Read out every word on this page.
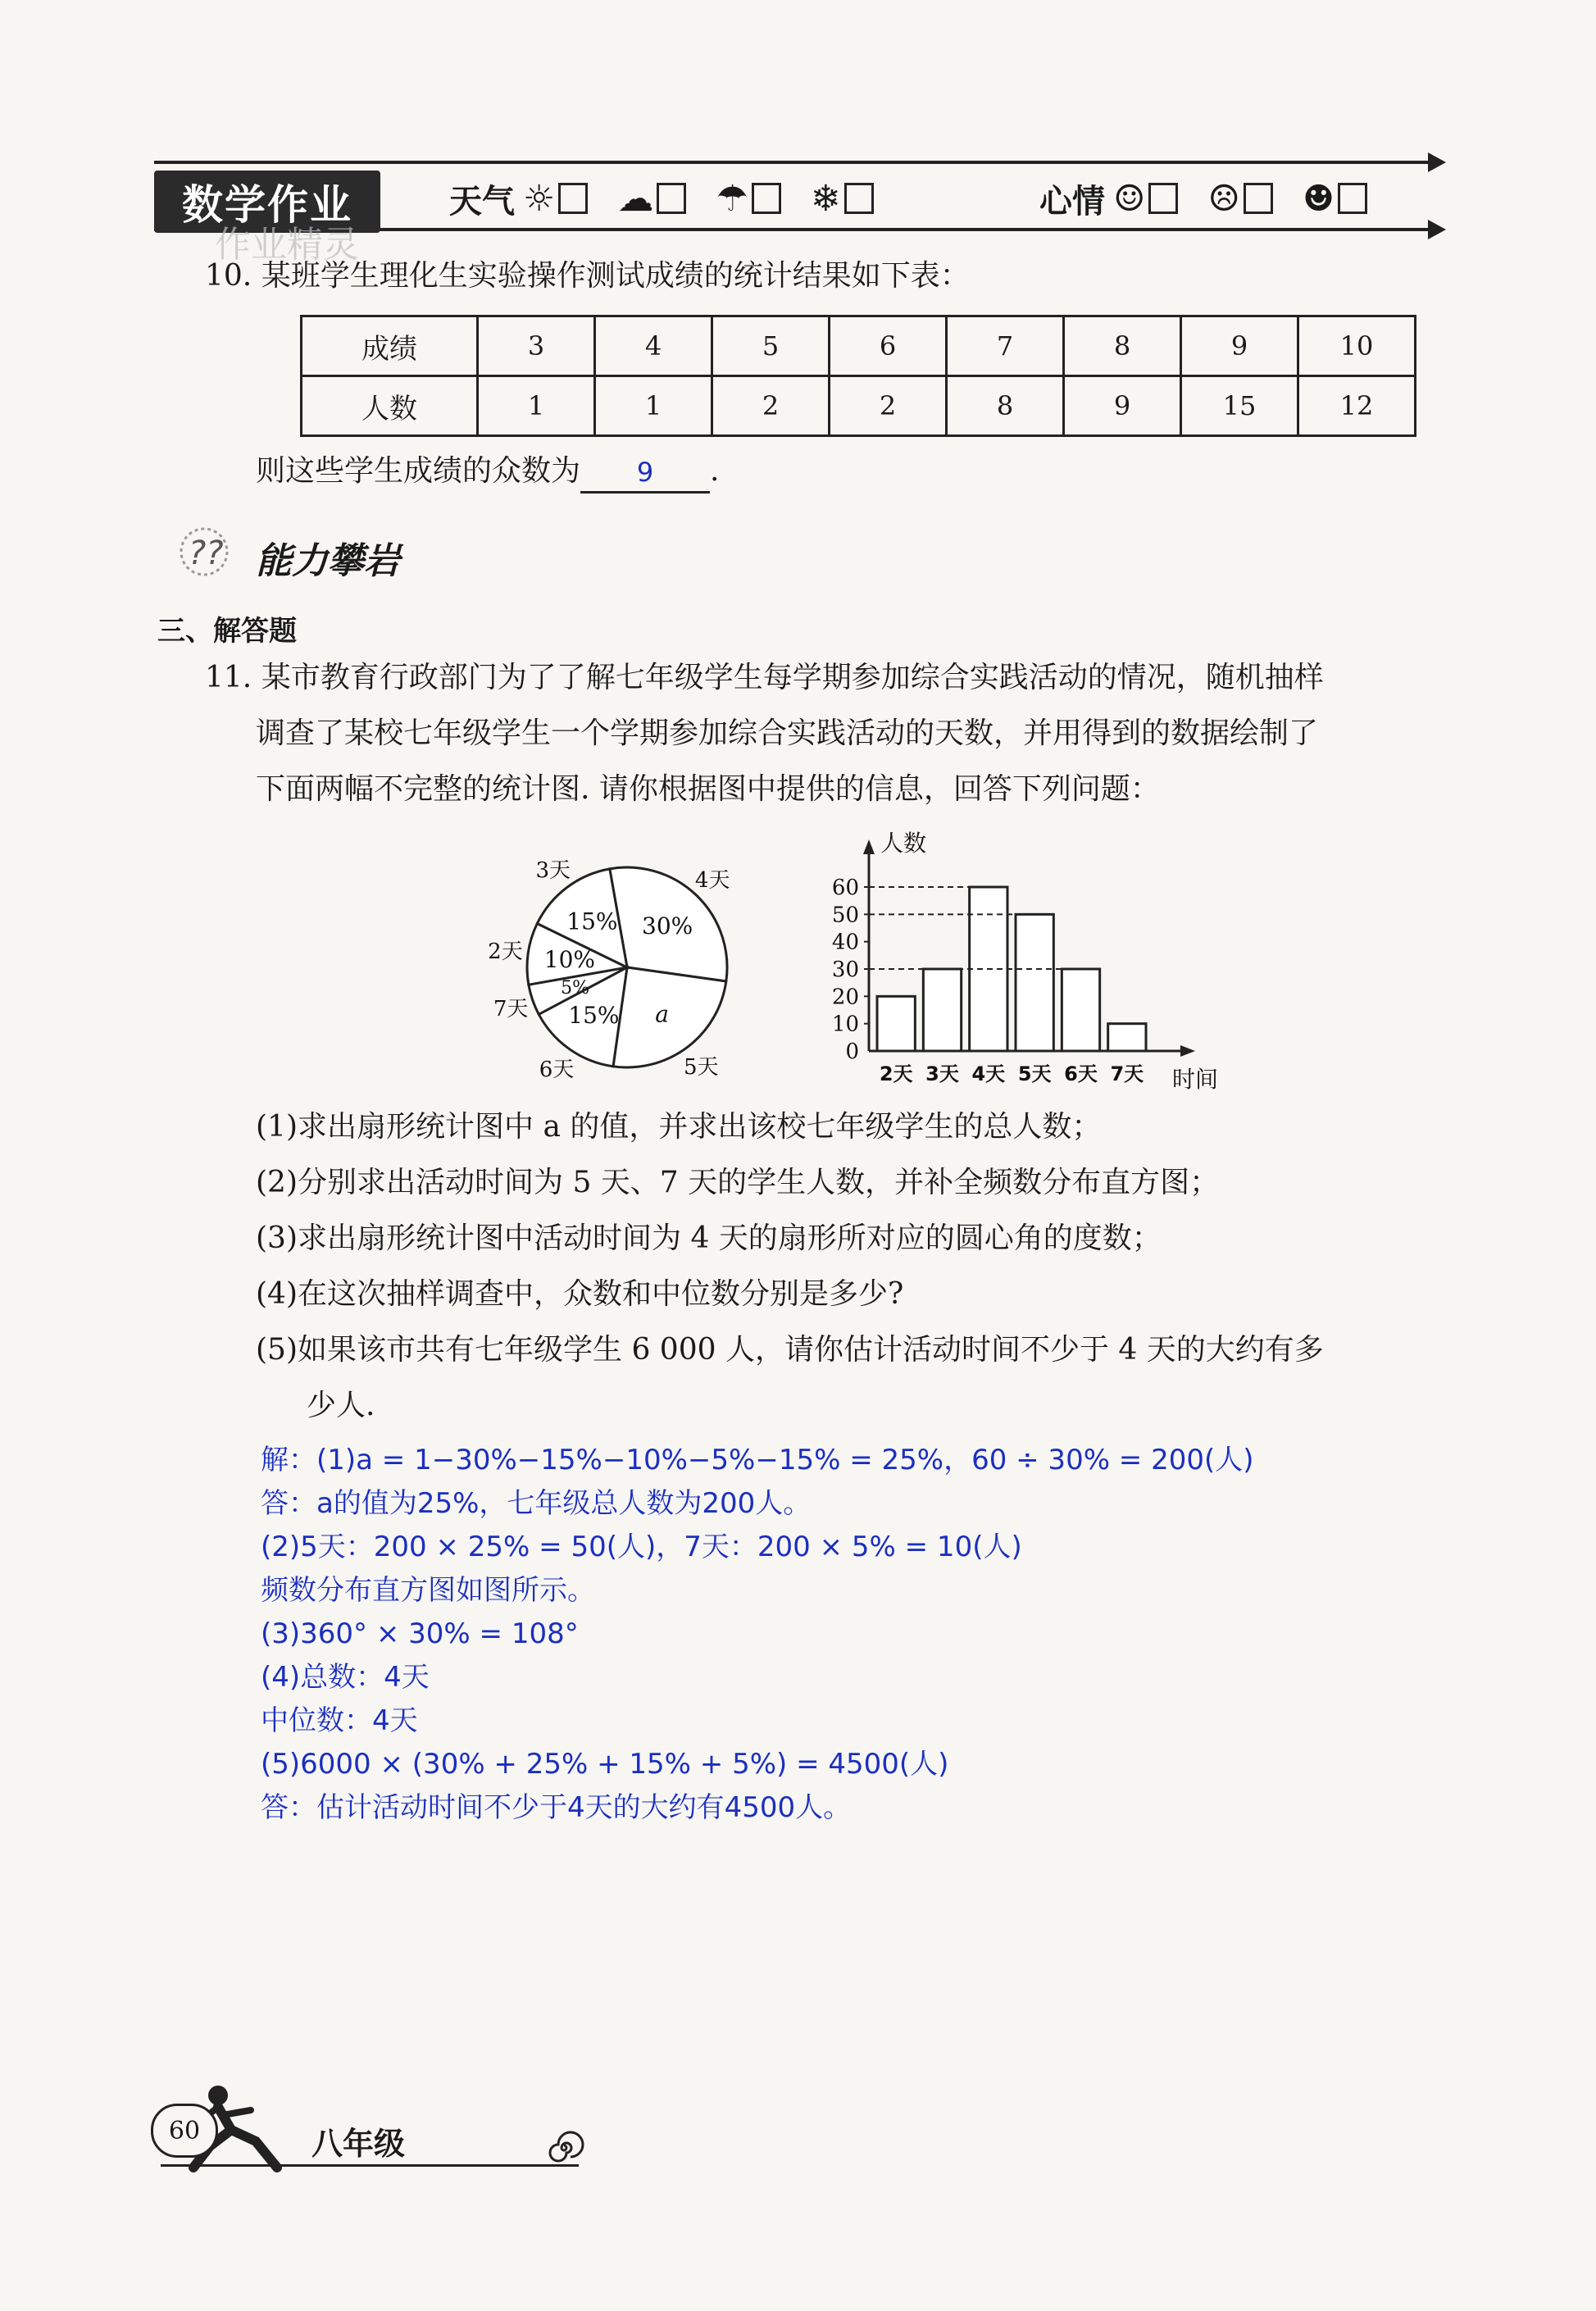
数学作业	天气 ☼ ☁ ☂ ❄	心情 ☺ ☹ ☻
作业精灵
10. 某班学生理化生实验操作测试成绩的统计结果如下表：
成绩	3	4	5	6	7	8	9	10
人数	1	1	2	2	8	9	15	12
则这些学生成绩的众数为 9 .
?? 能力攀岩
三、解答题
11. 某市教育行政部门为了了解七年级学生每学期参加综合实践活动的情况，随机抽样
调查了某校七年级学生一个学期参加综合实践活动的天数，并用得到的数据绘制了
下面两幅不完整的统计图. 请你根据图中提供的信息，回答下列问题：
30%
4天
a
5天
15%
6天
5%
7天
10%
2天
15%
3天
0
10
20
30
40
50
60
2天 3天 4天 5天 6天 7天
人数
时间
(1)求出扇形统计图中 a 的值，并求出该校七年级学生的总人数；
(2)分别求出活动时间为 5 天、7 天的学生人数，并补全频数分布直方图；
(3)求出扇形统计图中活动时间为 4 天的扇形所对应的圆心角的度数；
(4)在这次抽样调查中，众数和中位数分别是多少?
(5)如果该市共有七年级学生 6 000 人，请你估计活动时间不少于 4 天的大约有多
少人.
解：(1)a = 1−30%−15%−10%−5%−15% = 25%，60 ÷ 30% = 200(人)
答：a的值为25%，七年级总人数为200人。
(2)5天：200 × 25% = 50(人)，7天：200 × 5% = 10(人)
频数分布直方图如图所示。
(3)360° × 30% = 108°
(4)总数：4天
中位数：4天
(5)6000 × (30% + 25% + 15% + 5%) = 4500(人)
答：估计活动时间不少于4天的大约有4500人。
60	八年级
